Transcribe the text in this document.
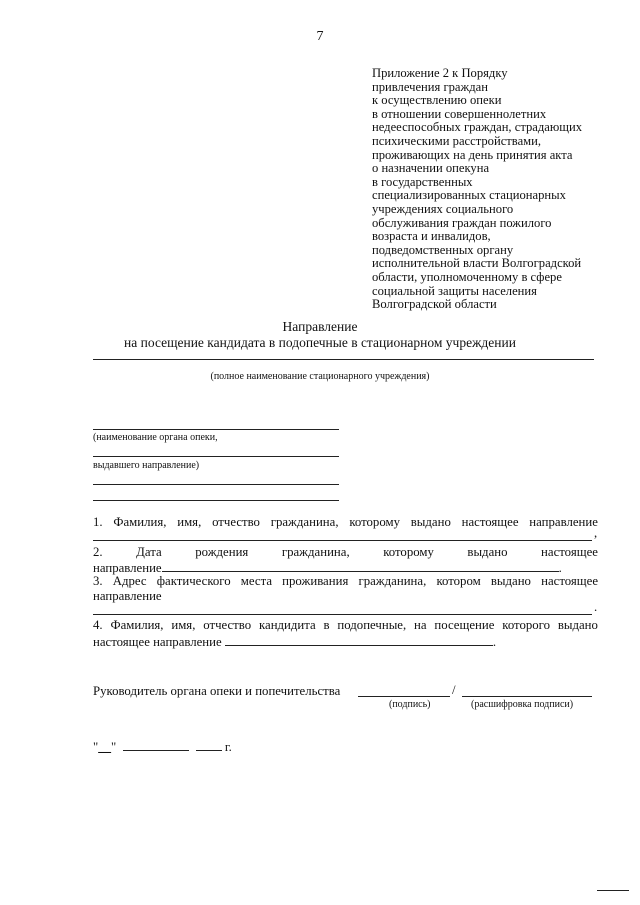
7
Приложение 2 к Порядку
привлечения граждан
к осуществлению опеки
в отношении совершеннолетних
недееспособных граждан, страдающих
психическими расстройствами,
проживающих на день принятия акта
о назначении опекуна
в государственных
специализированных стационарных
учреждениях социального
обслуживания граждан пожилого
возраста и инвалидов,
подведомственных органу
исполнительной власти Волгоградской
области, уполномоченному в сфере
социальной защиты населения
Волгоградской области
Направление
на посещение кандидата в подопечные в стационарном учреждении
(полное наименование стационарного учреждения)
(наименование органа опеки,
выдавшего направление)
1. Фамилия, имя, отчество гражданина, которому выдано настоящее направление
,
2.	Дата	рождения	гражданина,	которому	выдано	настоящее
направление	.
3. Адрес фактического места проживания гражданина, котором выдано настоящее
направление
.
4. Фамилия, имя, отчество кандидита в подопечные, на посещение которого выдано
настоящее направление	.
Руководитель органа опеки и попечительства	/
(подпись)	(расшифровка подписи)
"__"	г.
